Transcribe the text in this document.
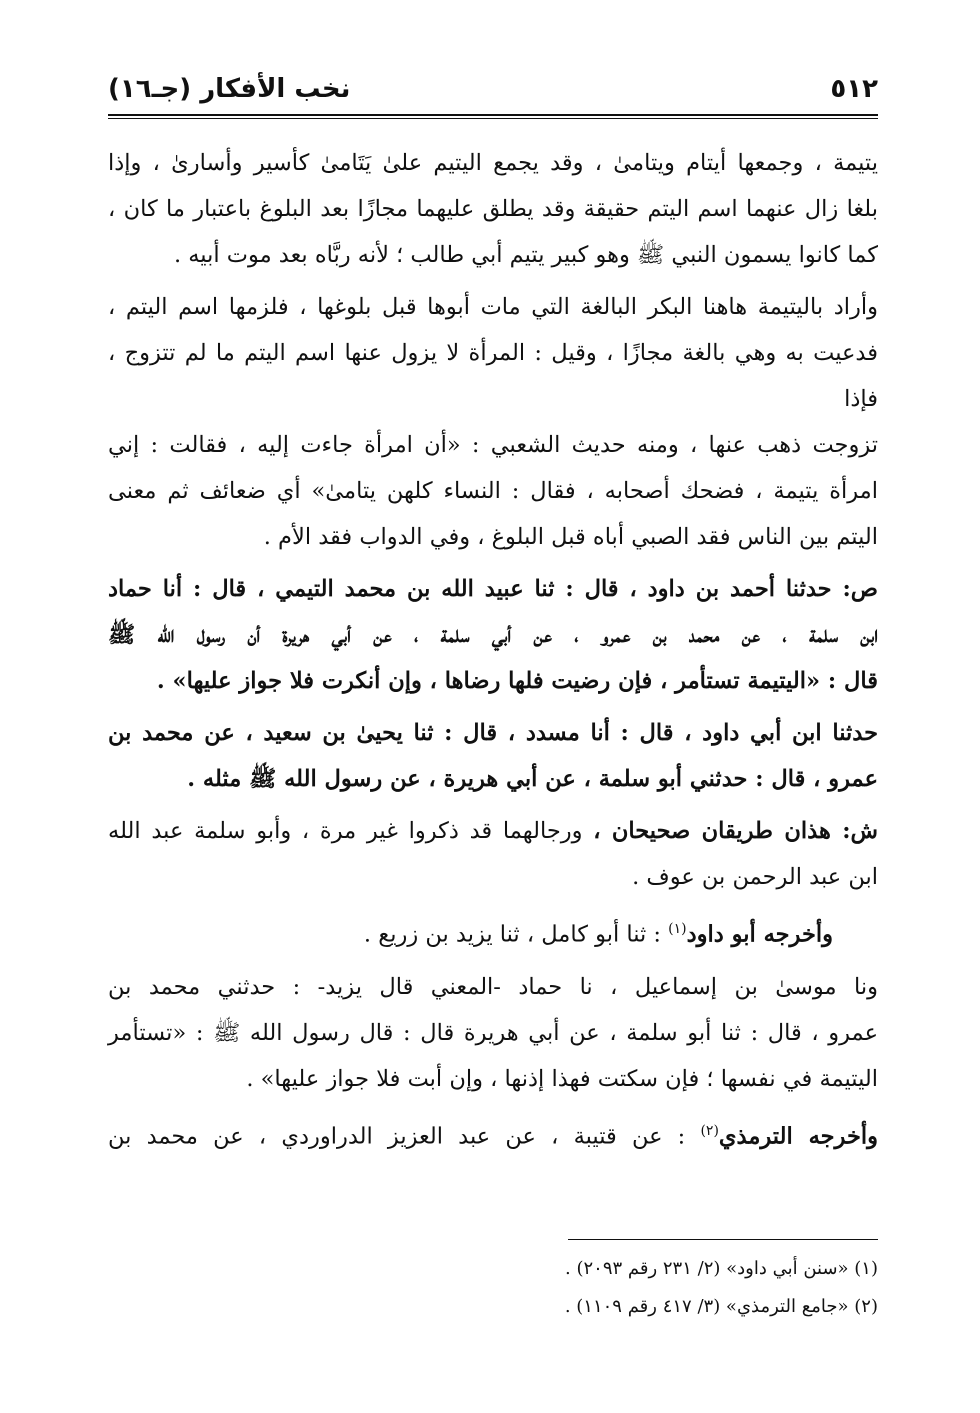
٥١٢
نخب الأفكار (جـ١٦)
يتيمة ، وجمعها أيتام ويتامىٰ ، وقد يجمع اليتيم علىٰ يَتَامىٰ كأسير وأسارىٰ ، وإذا
بلغا زال عنهما اسم اليتم حقيقة وقد يطلق عليهما مجازًا بعد البلوغ باعتبار ما كان ،
كما كانوا يسمون النبي ﷺ وهو كبير يتيم أبي طالب ؛ لأنه ربَّاه بعد موت أبيه .
وأراد باليتيمة هاهنا البكر البالغة التي مات أبوها قبل بلوغها ، فلزمها اسم اليتم ،
فدعيت به وهي بالغة مجازًا ، وقيل : المرأة لا يزول عنها اسم اليتم ما لم تتزوج ، فإذا
تزوجت ذهب عنها ، ومنه حديث الشعبي : «أن امرأة جاءت إليه ، فقالت : إني
امرأة يتيمة ، فضحك أصحابه ، فقال : النساء كلهن يتامىٰ» أي ضعائف ثم معنى
اليتم بين الناس فقد الصبي أباه قبل البلوغ ، وفي الدواب فقد الأم .
ص: حدثنا أحمد بن داود ، قال : ثنا عبيد الله بن محمد التيمي ، قال : أنا حماد
ابن سلمة ، عن محمد بن عمرو ، عن أبي سلمة ، عن أبي هريرة أن رسول الله ﷺ
قال : «اليتيمة تستأمر ، فإن رضيت فلها رضاها ، وإن أنكرت فلا جواز عليها» .
حدثنا ابن أبي داود ، قال : أنا مسدد ، قال : ثنا يحيىٰ بن سعيد ، عن محمد بن
عمرو ، قال : حدثني أبو سلمة ، عن أبي هريرة ، عن رسول الله ﷺ مثله .
ش: هذان طريقان صحيحان ، ورجالهما قد ذكروا غير مرة ، وأبو سلمة عبد الله
ابن عبد الرحمن بن عوف .
  وأخرجه أبو داود$^{(١)}$ : ثنا أبو كامل ، ثنا يزيد بن زريع .
ونا موسىٰ بن إسماعيل ، نا حماد -المعني قال يزيد- : حدثني محمد بن
عمرو ، قال : ثنا أبو سلمة ، عن أبي هريرة قال : قال رسول الله ﷺ : «تستأمر
اليتيمة في نفسها ؛ فإن سكتت فهذا إذنها ، وإن أبت فلا جواز عليها» .
وأخرجه الترمذي$^{(٢)}$ : عن قتيبة ، عن عبد العزيز الدراوردي ، عن محمد بن
(١) «سنن أبي داود» (٢/ ٢٣١ رقم ٢٠٩٣) .
(٢) «جامع الترمذي» (٣/ ٤١٧ رقم ١١٠٩) .
